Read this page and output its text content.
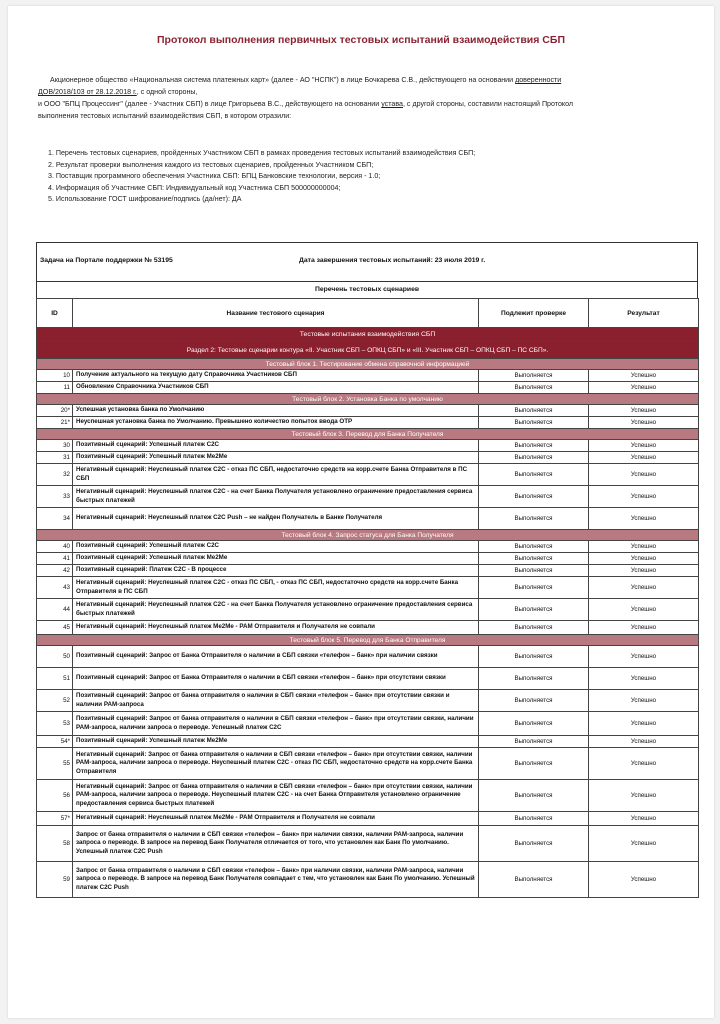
Протокол выполнения первичных тестовых испытаний взаимодействия СБП
Акционерное общество «Национальная система платежных карт» (далее - АО "НСПК") в лице Бочкарева С.В., действующего на основании доверенности
ДОВ/2018/103 от 28.12.2018 г., с одной стороны,
и ООО "БПЦ Процессинг" (далее - Участник СБП) в лице Григорьева В.С., действующего на основании устава, с другой стороны, составили настоящий Протокол
выполнения тестовых испытаний взаимодействия СБП, в котором отразили:
1. Перечень тестовых сценариев, пройденных Участником СБП в рамках проведения тестовых испытаний взаимодействия СБП;
2. Результат проверки выполнения каждого из тестовых сценариев, пройденных Участником СБП;
3. Поставщик программного обеспечения Участника СБП: БПЦ Банковские технологии, версия - 1.0;
4. Информация об Участнике СБП: Индивидуальный код Участника СБП 500000000004;
5. Использование ГОСТ шифрование/подпись (да/нет): ДА
Задача на Портале поддержки № 53195	Дата завершения тестовых испытаний: 23 июля 2019 г.
Перечень тестовых сценариев
ID	Название тестового сценария	Подлежит проверке	Результат
Тестовые испытания взаимодействия СБП			
Раздел 2: Тестовые сценарии контура «II. Участник СБП – ОПКЦ СБП» и «III. Участник СБП – ОПКЦ СБП – ПС СБП».			
Тестовый блок 1. Тестирование обмена справочной информацией			
10	Получение актуального на текущую дату Справочника Участников СБП	Выполняется	Успешно
11	Обновление Справочника Участников СБП	Выполняется	Успешно
Тестовый блок 2. Установка Банка по умолчанию			
20*	Успешная установка банка по Умолчанию	Выполняется	Успешно
21*	Неуспешная установка банка по Умолчанию. Превышено количество попыток ввода OTP	Выполняется	Успешно
Тестовый блок 3. Перевод для Банка Получателя			
30	Позитивный сценарий: Успешный платеж С2С	Выполняется	Успешно
31	Позитивный сценарий: Успешный платеж Me2Me	Выполняется	Успешно
32	Негативный сценарий: Неуспешный платеж С2С - отказ ПС СБП, недостаточно средств на корр.счете Банка Отправителя в ПС СБП	Выполняется	Успешно
33	Негативный сценарий: Неуспешный платеж С2С - на счет Банка Получателя установлено ограничение предоставления сервиса быстрых платежей	Выполняется	Успешно
34	Негативный сценарий: Неуспешный платеж С2С Push – не найден Получатель в Банке Получателя	Выполняется	Успешно
Тестовый блок 4. Запрос статуса для Банка Получателя			
40	Позитивный сценарий: Успешный платеж С2С	Выполняется	Успешно
41	Позитивный сценарий: Успешный платеж Me2Me	Выполняется	Успешно
42	Позитивный сценарий: Платеж С2С - В процессе	Выполняется	Успешно
43	Негативный сценарий: Неуспешный платеж С2С - отказ ПС СБП, - отказ ПС СБП, недостаточно средств на корр.счете Банка Отправителя в ПС СБП	Выполняется	Успешно
44	Негативный сценарий: Неуспешный платеж С2С - на счет Банка Получателя установлено ограничение предоставления сервиса быстрых платежей	Выполняется	Успешно
45	Негативный сценарий: Неуспешный платеж Me2Me - PAM Отправителя и Получателя не совпали	Выполняется	Успешно
Тестовый блок 5. Перевод для Банка Отправителя			
50	Позитивный сценарий: Запрос от Банка Отправителя о наличии в СБП связки «телефон – банк» при наличии связки	Выполняется	Успешно
51	Позитивный сценарий: Запрос от Банка Отправителя о наличии в СБП связки «телефон – банк» при отсутствии связки	Выполняется	Успешно
52	Позитивный сценарий: Запрос от банка отправителя о наличии в СБП связки «телефон – банк» при отсутствии связки и наличии PAM-запроса	Выполняется	Успешно
53	Позитивный сценарий: Запрос от банка отправителя о наличии в СБП связки «телефон – банк» при отсутствии связки, наличии PAM-запроса, наличии запроса о переводе. Успешный платеж С2С	Выполняется	Успешно
54*	Позитивный сценарий: Успешный платеж Me2Me	Выполняется	Успешно
55	Негативный сценарий: Запрос от банка отправителя о наличии в СБП связки «телефон – банк» при отсутствии связки, наличии PAM-запроса, наличии запроса о переводе. Неуспешный платеж С2С - отказ ПС СБП, недостаточно средств на корр.счете Банка Отправителя	Выполняется	Успешно
56	Негативный сценарий: Запрос от банка отправителя о наличии в СБП связки «телефон – банк» при отсутствии связки, наличии PAM-запроса, наличии запроса о переводе. Неуспешный платеж С2С - на счет Банка Отправителя установлено ограничение предоставления сервиса быстрых платежей	Выполняется	Успешно
57*	Негативный сценарий: Неуспешный платеж Me2Me - PAM Отправителя и Получателя не совпали	Выполняется	Успешно
58	Запрос от банка отправителя о наличии в СБП связки «телефон – банк» при наличии связки, наличии PAM-запроса, наличии запроса о переводе. В запросе на перевод Банк Получателя отличается от того, что установлен как Банк По умолчанию. Успешный платеж С2С Push	Выполняется	Успешно
59	Запрос от банка отправителя о наличии в СБП связки «телефон – банк» при наличии связки, наличии PAM-запроса, наличии запроса о переводе. В запросе на перевод Банк Получателя совпадает с тем, что установлен как Банк По умолчанию. Успешный платеж С2С Push	Выполняется	Успешно
